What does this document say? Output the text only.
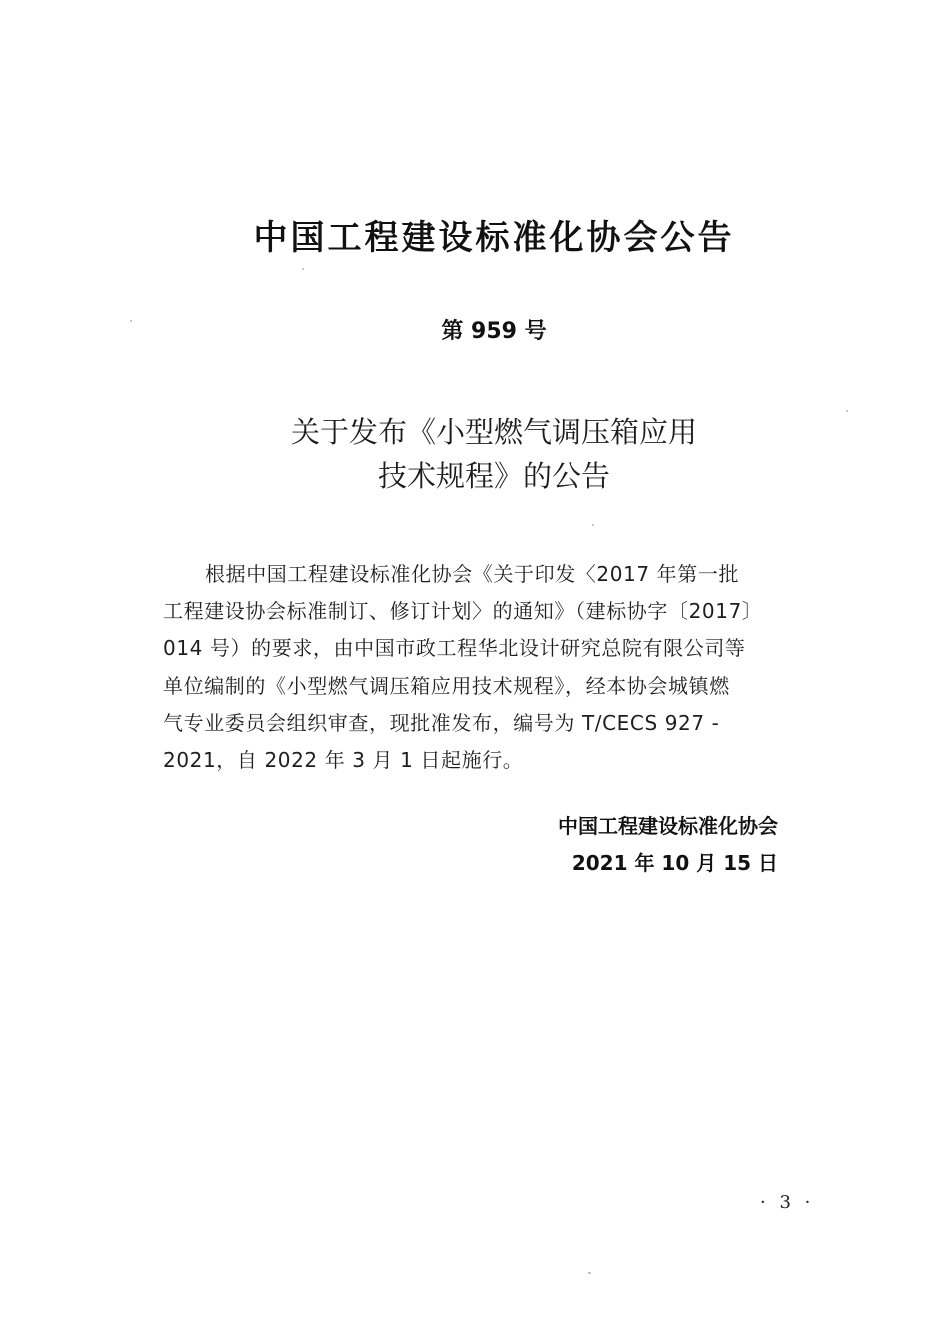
中国工程建设标准化协会公告
第 959 号
关于发布《小型燃气调压箱应用
技术规程》的公告
根据中国工程建设标准化协会《关于印发〈2017 年第一批
工程建设协会标准制订、修订计划〉的通知》（建标协字〔2017〕
014 号）的要求，由中国市政工程华北设计研究总院有限公司等
单位编制的《小型燃气调压箱应用技术规程》，经本协会城镇燃
气专业委员会组织审查，现批准发布，编号为 T/CECS 927 -
2021，自 2022 年 3 月 1 日起施行。
中国工程建设标准化协会
2021 年 10 月 15 日
· 3 ·
